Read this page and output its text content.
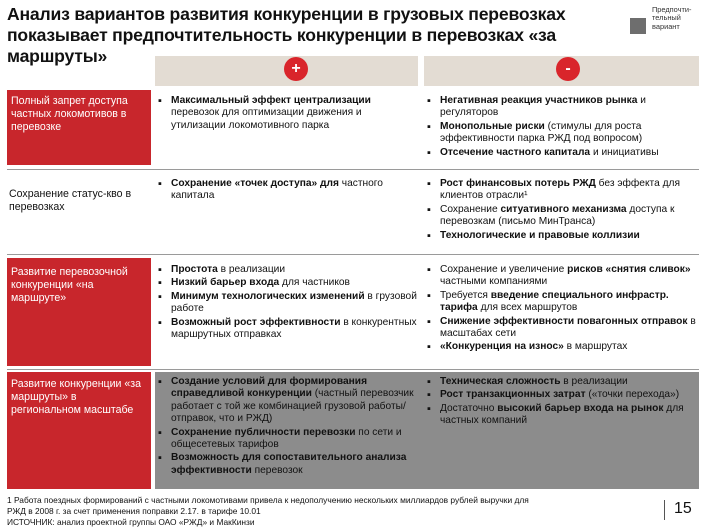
Анализ вариантов развития конкуренции в грузовых перевозках показывает предпочтительность конкуренции в перевозках «за маршруты»
Предпочти-тельный вариант
+	-
Полный запрет доступа частных локомотивов в перевозке
▪ Максимальный эффект централизации перевозок для оптимизации движения и утилизации локомотивного парка
▪ Негативная реакция участников рынка и регуляторов
▪ Монопольные риски (стимулы для роста эффективности парка РЖД под вопросом)
▪ Отсечение частного капитала и инициативы
Сохранение статус-кво в перевозках
▪ Сохранение «точек доступа» для частного капитала
▪ Рост финансовых потерь РЖД без эффекта для клиентов отрасли¹
▪ Сохранение ситуативного механизма доступа к перевозкам (письмо МинТранса)
▪ Технологические и правовые коллизии
Развитие перевозочной конкуренции «на маршруте»
▪ Простота в реализации
▪ Низкий барьер входа для частников
▪ Минимум технологических изменений в грузовой работе
▪ Возможный рост эффективности в конкурентных маршрутных отправках
▪ Сохранение и увеличение рисков «снятия сливок» частными компаниями
▪ Требуется введение специального инфрастр. тарифа для всех маршрутов
▪ Снижение эффективности повагонных отправок в масштабах сети
▪ «Конкуренция на износ» в маршрутах
Развитие конкуренции «за маршруты» в региональном масштабе
▪ Создание условий для формирования справедливой конкуренции (частный перевозчик работает с той же комбинацией грузовой работы/отправок, что и РЖД)
▪ Сохранение публичности перевозки по сети и общесетевых тарифов
▪ Возможность для сопоставительного анализа эффективности перевозок
▪ Техническая сложность в реализации
▪ Рост транзакционных затрат («точки перехода»)
▪ Достаточно высокий барьер входа на рынок для частных компаний
1 Работа поездных формирований с частными локомотивами привела к недополучению нескольких миллиардов рублей выручки для РЖД в 2008 г. за счет применения поправки 2.17. в тарифе 10.01
ИСТОЧНИК: анализ проектной группы ОАО «РЖД» и МакКинзи
15
